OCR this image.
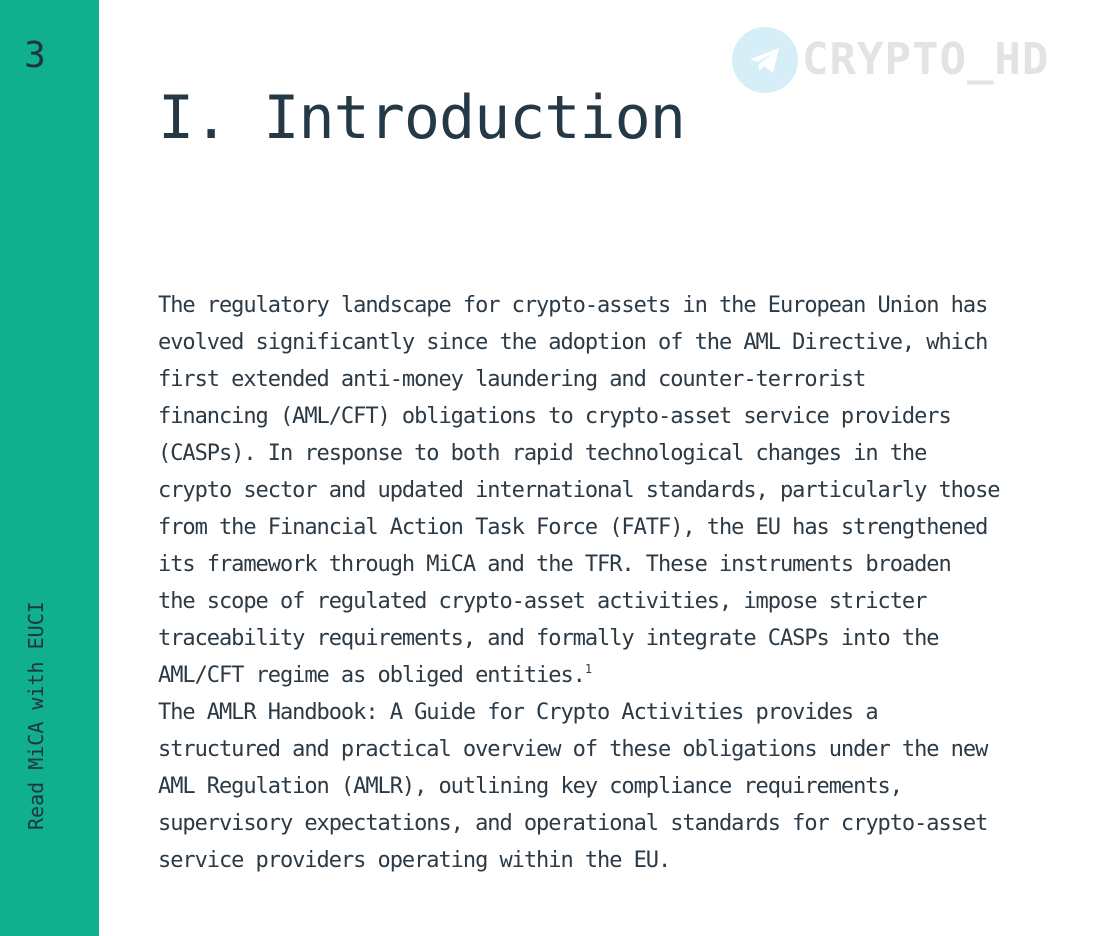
3
Read MiCA with EUCI
CRYPTO_HD
I. Introduction

The regulatory landscape for crypto-assets in the European Union has
evolved significantly since the adoption of the AML Directive, which
first extended anti-money laundering and counter-terrorist
financing (AML/CFT) obligations to crypto-asset service providers
(CASPs). In response to both rapid technological changes in the
crypto sector and updated international standards, particularly those
from the Financial Action Task Force (FATF), the EU has strengthened
its framework through MiCA and the TFR. These instruments broaden
the scope of regulated crypto-asset activities, impose stricter
traceability requirements, and formally integrate CASPs into the
AML/CFT regime as obliged entities.$^1$

The AMLR Handbook: A Guide for Crypto Activities provides a
structured and practical overview of these obligations under the new
AML Regulation (AMLR), outlining key compliance requirements,
supervisory expectations, and operational standards for crypto-asset
service providers operating within the EU.
